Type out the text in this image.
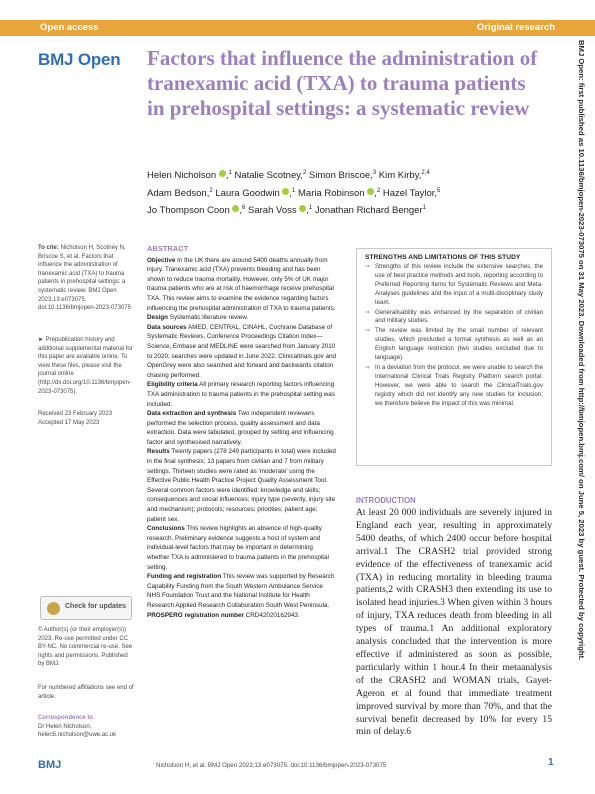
Open access	Original research
BMJ Open Factors that influence the administration of tranexamic acid (TXA) to trauma patients in prehospital settings: a systematic review
Helen Nicholson ,$^1$ Natalie Scotney,$^2$ Simon Briscoe,$^3$ Kim Kirby,$^{2,4}$
Adam Bedson,$^2$ Laura Goodwin ,$^1$ Maria Robinson ,$^2$ Hazel Taylor,$^5$
Jo Thompson Coon ,$^6$ Sarah Voss ,$^1$ Jonathan Richard Benger$^1$
To cite: Nicholson H, Scotney N, Briscoe S, et al. Factors that influence the administration of tranexamic acid (TXA) to trauma patients in prehospital settings: a systematic review. BMJ Open 2023;13:e073075. doi:10.1136/bmjopen-2023-073075
► Prepublication history and additional supplemental material for this paper are available online. To view these files, please visit the journal online (http://dx.doi.org/10.1136/bmjopen-2023-073075).
Received 23 February 2023
Accepted 17 May 2023
Check for updates
© Author(s) (or their employer(s)) 2023. Re-use permitted under CC BY-NC. No commercial re-use. See rights and permissions. Published by BMJ.
For numbered affiliations see end of article.
Correspondence to
Dr Helen Nicholson; helen5.nicholson@uwe.ac.uk
ABSTRACT

Objective In the UK there are around 5400 deaths annually from injury. Tranexamic acid (TXA) prevents bleeding and has been shown to reduce trauma mortality. However, only 5% of UK major trauma patients who are at risk of haemorrhage receive prehospital TXA. This review aims to examine the evidence regarding factors influencing the prehospital administration of TXA to trauma patients.

Design Systematic literature review.

Data sources AMED, CENTRAL, CINAHL, Cochrane Database of Systematic Reviews, Conference Proceedings Citation Index—Science, Embase and MEDLINE were searched from January 2010 to 2020; searches were updated in June 2022. Clinicaltrials.gov and OpenGrey were also searched and forward and backwards citation chasing performed.

Eligibility criteria All primary research reporting factors influencing TXA administration to trauma patients in the prehospital setting was included.

Data extraction and synthesis Two independent reviewers performed the selection process, quality assessment and data extraction. Data were tabulated, grouped by setting and influencing factor and synthesised narratively.

Results Twenty papers (278 249 participants in total) were included in the final synthesis; 13 papers from civilian and 7 from military settings. Thirteen studies were rated as 'moderate' using the Effective Public Health Practice Project Quality Assessment Tool. Several common factors were identified: knowledge and skills; consequences and social influences; injury type (severity, injury site and mechanism); protocols; resources; priorities; patient age; patient sex.

Conclusions This review highlights an absence of high-quality research. Preliminary evidence suggests a host of system and individual-level factors that may be important in determining whether TXA is administered to trauma patients in the prehospital setting.

Funding and registration This review was supported by Research Capability Funding from the South Western Ambulance Service NHS Foundation Trust and the National Institute for Health Research Applied Research Collaboration South West Peninsula.

PROSPERO registration number CRD42020162943.

STRENGTHS AND LIMITATIONS OF THIS STUDY
⇒ Strengths of this review include the extensive searches, the use of best practice methods and tools, reporting according to Preferred Reporting Items for Systematic Reviews and Meta-Analyses guidelines and the input of a multi-disciplinary study team.
⇒ Generalisability was enhanced by the separation of civilian and military studies.
⇒ The review was limited by the small number of relevant studies, which precluded a formal synthesis as well as an English language restriction (two studies excluded due to language).
⇒ In a deviation from the protocol, we were unable to search the International Clinical Trials Registry Platform search portal. However, we were able to search the ClinicalTrials.gov registry which did not identify any new studies for inclusion; we therefore believe the impact of this was minimal.
INTRODUCTION
At least 20 000 individuals are severely injured in England each year, resulting in approximately 5400 deaths, of which 2400 occur before hospital arrival.1 The CRASH2 trial provided strong evidence of the effectiveness of tranexamic acid (TXA) in reducing mortality in bleeding trauma patients,2 with CRASH3 then extending its use to isolated head injuries.3 When given within 3 hours of injury, TXA reduces death from bleeding in all types of trauma.1 An additional exploratory analysis concluded that the intervention is more effective if administered as soon as possible, particularly within 1 hour.4 In their metaanalysis of the CRASH2 and WOMAN trials, Gayet-Ageron et al found that immediate treatment improved survival by more than 70%, and that the survival benefit decreased by 10% for every 15 min of delay.6
BMJ	Nicholson H, et al. BMJ Open 2023;13:e073075. doi:10.1136/bmjopen-2023-073075	1
BMJ Open: first published as 10.1136/bmjopen-2023-073075 on 31 May 2023. Downloaded from http://bmjopen.bmj.com/ on June 5, 2023 by guest. Protected by copyright.
